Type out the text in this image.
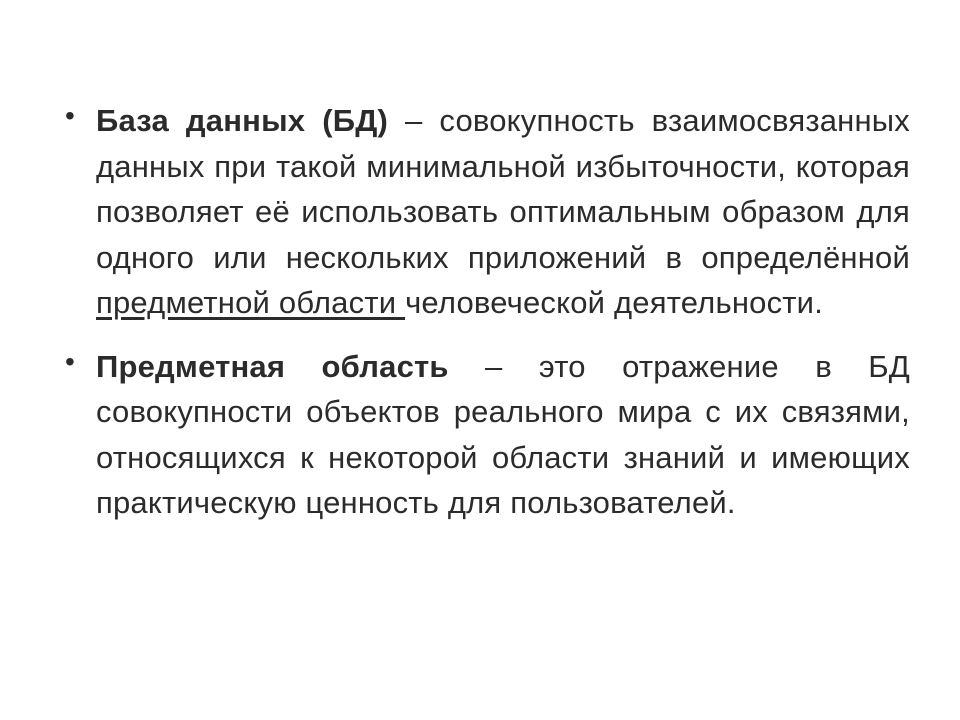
• База данных (БД) – совокупность взаимосвязанных данных при такой минимальной избыточности, которая позволяет её использовать оптимальным образом для одного или нескольких приложений в определённой предметной области человеческой деятельности.
• Предметная область – это отражение в БД совокупности объектов реального мира с их связями, относящихся к некоторой области знаний и имеющих практическую ценность для пользователей.
